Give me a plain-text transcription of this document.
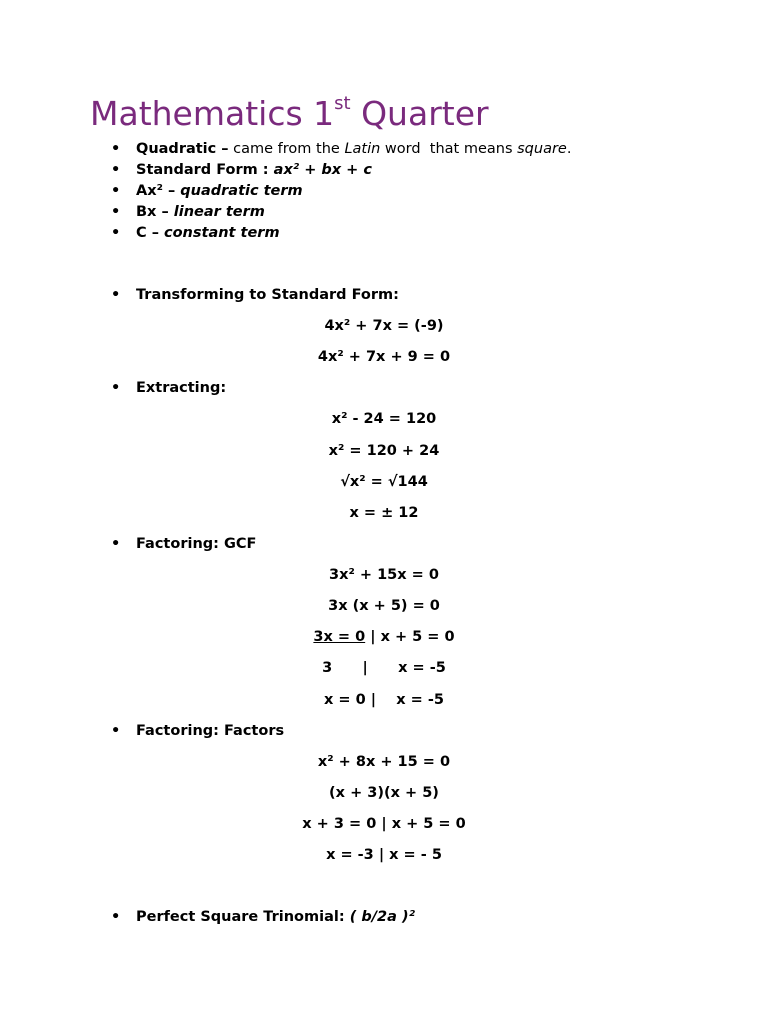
Mathematics 1st Quarter
• Quadratic – came from the Latin word  that means square.
• Standard Form : ax² + bx + c
• Ax² – quadratic term
• Bx – linear term
• C – constant term
• Transforming to Standard Form:
4x² + 7x = (-9)
4x² + 7x + 9 = 0
• Extracting:
x² - 24 = 120
x² = 120 + 24
√x² = √144
x = ± 12
• Factoring: GCF
3x² + 15x = 0
3x (x + 5) = 0
3x = 0 | x + 5 = 0
3      |      x = -5
x = 0 |    x = -5
• Factoring: Factors
x² + 8x + 15 = 0
(x + 3)(x + 5)
x + 3 = 0 | x + 5 = 0
x = -3 | x = - 5
• Perfect Square Trinomial: ( b/2a )²
